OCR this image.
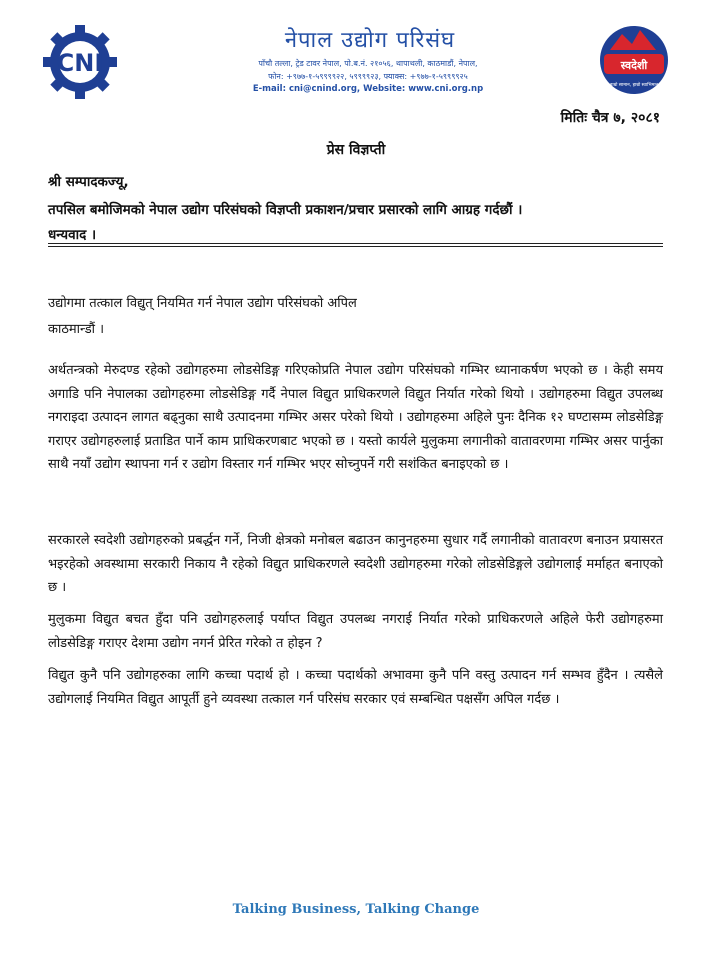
CNI
नेपाल उद्योग परिसंघ
पाँचौ तल्ला, ट्रेड टावर नेपाल, पो.ब.नं. २१०५६, थापाथली, काठमाडौं, नेपाल,
फोन: +९७७-१-५९९९९२२, ५९९९९२३, फ्याक्स: +९७७-१-५९९९९२५
E-mail: cni@cnind.org, Website: www.cni.org.np
स्वदेशी
हाम्रो सामान, हाम्रो स्वाभिमान
मितिः चैत्र ७, २०८१
प्रेस विज्ञप्ती
श्री सम्पादकज्यू,
तपसिल बमोजिमको नेपाल उद्योग परिसंघको विज्ञप्ती प्रकाशन/प्रचार प्रसारको लागि आग्रह गर्दछौं ।
धन्यवाद ।
उद्योगमा तत्काल विद्युत् नियमित गर्न नेपाल उद्योग परिसंघको अपिल
काठमान्डौं ।
अर्थतन्त्रको मेरुदण्ड रहेको उद्योगहरुमा लोडसेडिङ्ग गरिएकोप्रति नेपाल उद्योग परिसंघको गम्भिर ध्यानाकर्षण भएको छ । केही समय अगाडि पनि नेपालका उद्योगहरुमा लोडसेडिङ्ग गर्दै नेपाल विद्युत प्राधिकरणले विद्युत निर्यात गरेको थियो । उद्योगहरुमा विद्युत उपलब्ध नगराइदा उत्पादन लागत बढ्नुका साथै उत्पादनमा गम्भिर असर परेको थियो । उद्योगहरुमा अहिले पुनः दैनिक १२ घण्टासम्म लोडसेडिङ्ग गराएर उद्योगहरुलाई प्रताडित पार्ने काम प्राधिकरणबाट भएको छ । यस्तो कार्यले मुलुकमा लगानीको वातावरणमा गम्भिर असर पार्नुका साथै नयाँ उद्योग स्थापना गर्न र उद्योग विस्तार गर्न गम्भिर भएर सोच्नुपर्ने गरी सशंकित बनाइएको छ ।
सरकारले स्वदेशी उद्योगहरुको प्रबर्द्धन गर्ने, निजी क्षेत्रको मनोबल बढाउन कानुनहरुमा सुधार गर्दै लगानीको वातावरण बनाउन प्रयासरत भइरहेको अवस्थामा सरकारी निकाय नै रहेको विद्युत प्राधिकरणले स्वदेशी उद्योगहरुमा गरेको लोडसेडिङ्गले उद्योगलाई मर्माहत बनाएको छ ।
मुलुकमा विद्युत बचत हुँदा पनि उद्योगहरुलाई पर्याप्त विद्युत उपलब्ध नगराई निर्यात गरेको प्राधिकरणले अहिले फेरी उद्योगहरुमा लोडसेडिङ्ग गराएर देशमा उद्योग नगर्न प्रेरित गरेको त होइन ?
विद्युत कुनै पनि उद्योगहरुका लागि कच्चा पदार्थ हो । कच्चा पदार्थको अभावमा कुनै पनि वस्तु उत्पादन गर्न सम्भव हुँदैन । त्यसैले उद्योगलाई नियमित विद्युत आपूर्ती हुने व्यवस्था तत्काल गर्न परिसंघ सरकार एवं सम्बन्धित पक्षसँग अपिल गर्दछ ।
Talking Business, Talking Change
